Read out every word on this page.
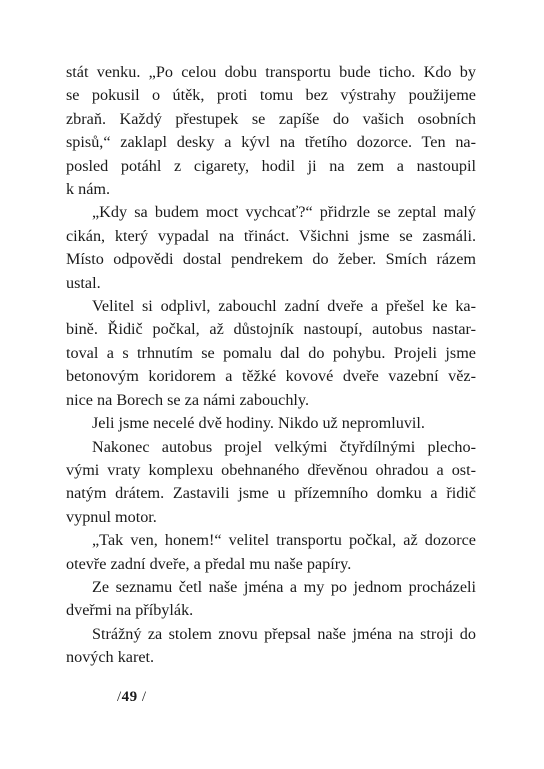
stát venku. „Po celou dobu transportu bude ticho. Kdo by
se pokusil o útěk, proti tomu bez výstrahy použijeme
zbraň. Každý přestupek se zapíše do vašich osobních
spisů,“ zaklapl desky a kývl na třetího dozorce. Ten na-
posled potáhl z cigarety, hodil ji na zem a nastoupil
k nám.
„Kdy sa budem moct vychcať?“ přidrzle se zeptal malý
cikán, který vypadal na třináct. Všichni jsme se zasmáli.
Místo odpovědi dostal pendrekem do žeber. Smích rázem
ustal.
Velitel si odplivl, zabouchl zadní dveře a přešel ke ka-
bině. Řidič počkal, až důstojník nastoupí, autobus nastar-
toval a s trhnutím se pomalu dal do pohybu. Projeli jsme
betonovým koridorem a těžké kovové dveře vazební věz-
nice na Borech se za námi zabouchly.
Jeli jsme necelé dvě hodiny. Nikdo už nepromluvil.
Nakonec autobus projel velkými čtyřdílnými plecho-
vými vraty komplexu obehnaného dřevěnou ohradou a ost-
natým drátem. Zastavili jsme u přízemního domku a řidič
vypnul motor.
„Tak ven, honem!“ velitel transportu počkal, až dozorce
otevře zadní dveře, a předal mu naše papíry.
Ze seznamu četl naše jména a my po jednom procházeli
dveřmi na příbylák.
Strážný za stolem znovu přepsal naše jména na stroji do
nových karet.
/49 /
